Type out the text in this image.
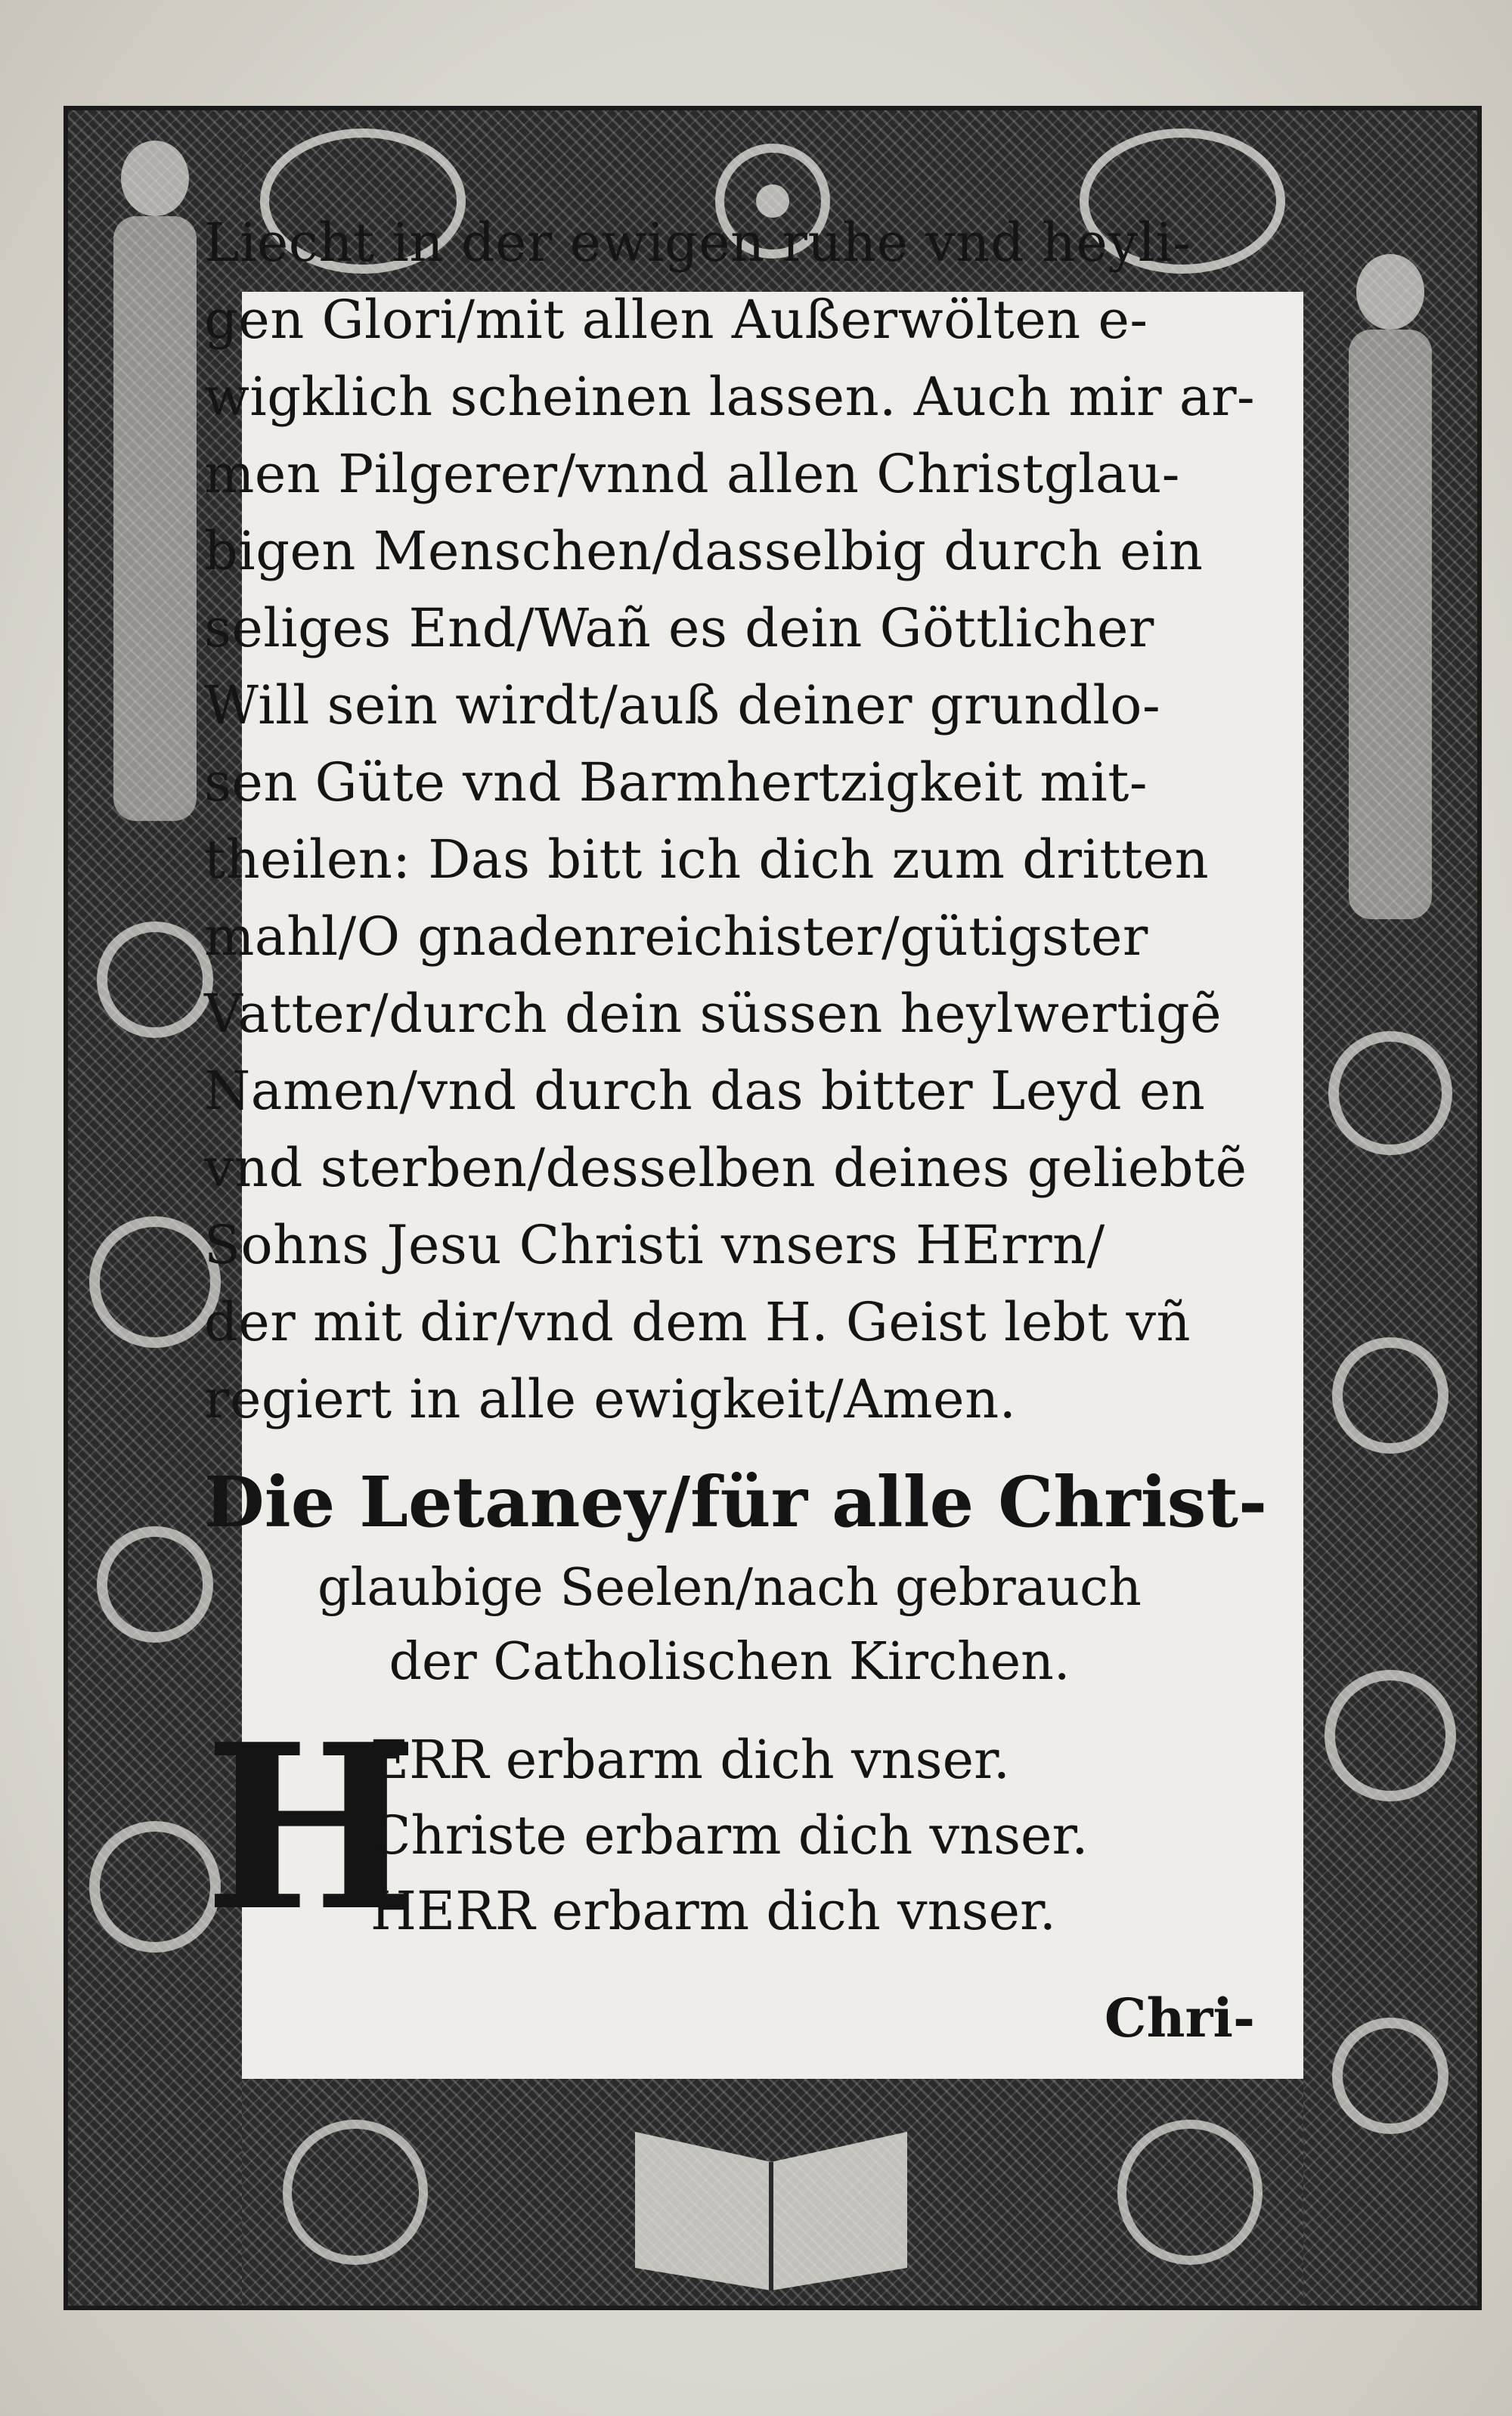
Liecht in der ewigen ruhe vnd heyli-
gen Glori/mit allen Außerwölten e-
wigklich scheinen lassen. Auch mir ar-
men Pilgerer/vnnd allen Christglau-
bigen Menschen/dasselbig durch ein
seliges End/Wañ es dein Göttlicher
Will sein wirdt/auß deiner grundlo-
sen Güte vnd Barmhertzigkeit mit-
theilen: Das bitt ich dich zum dritten
mahl/O gnadenreichister/gütigster
Vatter/durch dein süssen heylwertigẽ
Namen/vnd durch das bitter Leyd en
vnd sterben/desselben deines geliebtẽ
Sohns Jesu Christi vnsers HErrn/
der mit dir/vnd dem H. Geist lebt vñ
regiert in alle ewigkeit/Amen.
Die Letaney/für alle Christ-
glaubige Seelen/nach gebrauch
der Catholischen Kirchen.
H
ERR erbarm dich vnser.
Christe erbarm dich vnser.
HERR erbarm dich vnser.
Chri-
